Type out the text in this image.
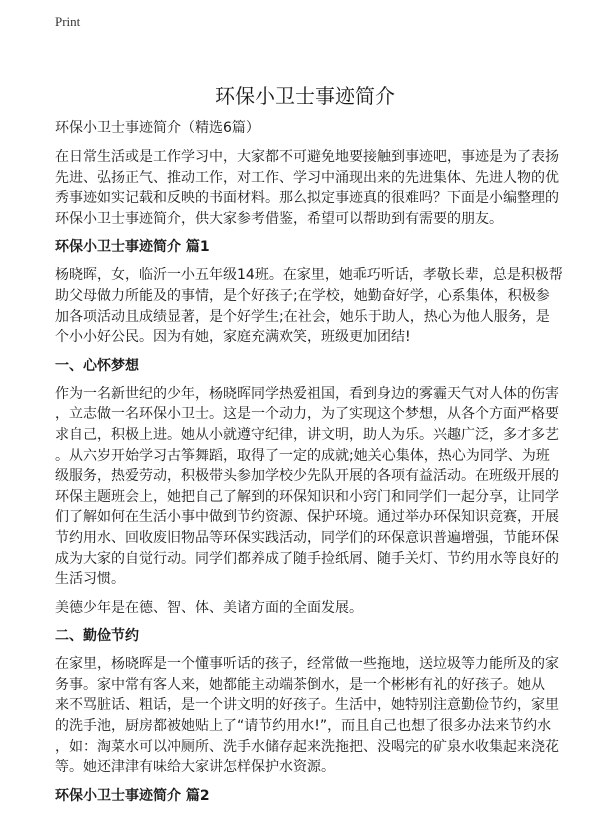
Print
环保小卫士事迹简介
环保小卫士事迹简介（精选6篇）
在日常生活或是工作学习中，大家都不可避免地要接触到事迹吧，事迹是为了表扬
先进、弘扬正气、推动工作，对工作、学习中涌现出来的先进集体、先进人物的优
秀事迹如实记载和反映的书面材料。那么拟定事迹真的很难吗？下面是小编整理的
环保小卫士事迹简介，供大家参考借鉴，希望可以帮助到有需要的朋友。
环保小卫士事迹简介 篇1
杨晓晖，女，临沂一小五年级14班。在家里，她乖巧听话，孝敬长辈，总是积极帮
助父母做力所能及的事情，是个好孩子;在学校，她勤奋好学，心系集体，积极参
加各项活动且成绩显著，是个好学生;在社会，她乐于助人，热心为他人服务，是
个小小好公民。因为有她，家庭充满欢笑，班级更加团结!
一、心怀梦想
作为一名新世纪的少年，杨晓晖同学热爱祖国，看到身边的雾霾天气对人体的伤害
，立志做一名环保小卫士。这是一个动力，为了实现这个梦想，从各个方面严格要
求自己，积极上进。她从小就遵守纪律，讲文明，助人为乐。兴趣广泛，多才多艺
。从六岁开始学习古筝舞蹈，取得了一定的成就;她关心集体，热心为同学、为班
级服务，热爱劳动，积极带头参加学校少先队开展的各项有益活动。在班级开展的
环保主题班会上，她把自己了解到的环保知识和小窍门和同学们一起分享，让同学
们了解如何在生活小事中做到节约资源、保护环境。通过举办环保知识竞赛，开展
节约用水、回收废旧物品等环保实践活动，同学们的环保意识普遍增强，节能环保
成为大家的自觉行动。同学们都养成了随手捡纸屑、随手关灯、节约用水等良好的
生活习惯。
美德少年是在德、智、体、美诸方面的全面发展。
二、勤俭节约
在家里，杨晓晖是一个懂事听话的孩子，经常做一些拖地，送垃圾等力能所及的家
务事。家中常有客人来，她都能主动端茶倒水，是一个彬彬有礼的好孩子。她从
来不骂脏话、粗话，是一个讲文明的好孩子。生活中，她特别注意勤俭节约，家里
的洗手池，厨房都被她贴上了“请节约用水!”，而且自己也想了很多办法来节约水
，如：淘菜水可以冲厕所、洗手水储存起来洗拖把、没喝完的矿泉水收集起来浇花
等。她还津津有味给大家讲怎样保护水资源。
环保小卫士事迹简介 篇2
